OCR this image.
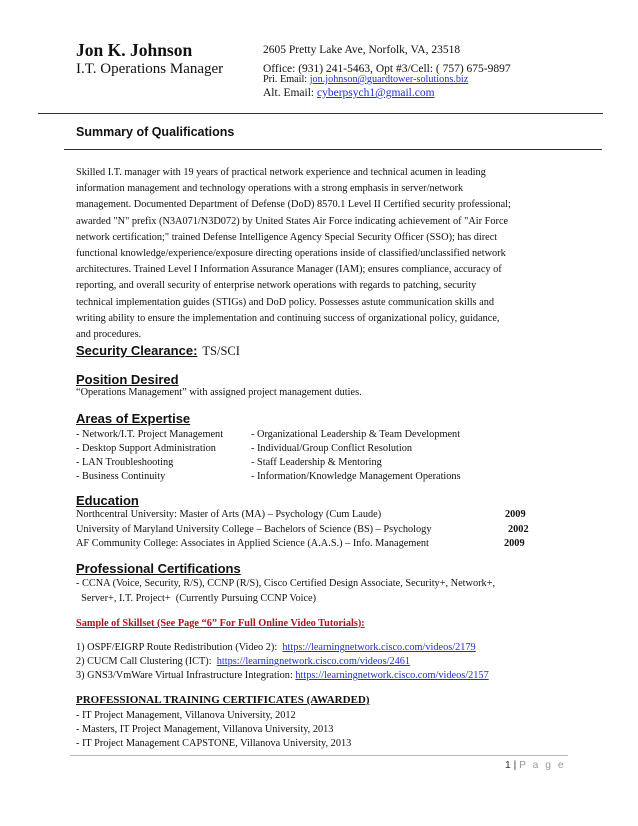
Jon K. Johnson
I.T. Operations Manager
2605 Pretty Lake Ave, Norfolk, VA, 23518
Office: (931) 241-5463, Opt #3/Cell: ( 757) 675-9897
Pri. Email: jon.johnson@guardtower-solutions.biz
Alt. Email: cyberpsych1@gmail.com
Summary of Qualifications
Skilled I.T. manager with 19 years of practical network experience and technical acumen in leading
information management and technology operations with a strong emphasis in server/network
management. Documented Department of Defense (DoD) 8570.1 Level II Certified security professional;
awarded "N" prefix (N3A071/N3D072) by United States Air Force indicating achievement of "Air Force
network certification;" trained Defense Intelligence Agency Special Security Officer (SSO); has direct
functional knowledge/experience/exposure directing operations inside of classified/unclassified network
architectures. Trained Level I Information Assurance Manager (IAM); ensures compliance, accuracy of
reporting, and overall security of enterprise network operations with regards to patching, security
technical implementation guides (STIGs) and DoD policy. Possesses astute communication skills and
writing ability to ensure the implementation and continuing success of organizational policy, guidance,
and procedures.
Security Clearance: TS/SCI
Position Desired
“Operations Management” with assigned project management duties.
Areas of Expertise
- Network/I.T. Project Management
- Desktop Support Administration
- LAN Troubleshooting
- Business Continuity
- Organizational Leadership & Team Development
- Individual/Group Conflict Resolution
- Staff Leadership & Mentoring
- Information/Knowledge Management Operations
Education
Northcentral University: Master of Arts (MA) – Psychology (Cum Laude)	2009
University of Maryland University College – Bachelors of Science (BS) – Psychology	2002
AF Community College: Associates in Applied Science (A.A.S.) – Info. Management	2009
Professional Certifications
- CCNA (Voice, Security, R/S), CCNP (R/S), Cisco Certified Design Associate, Security+, Network+,
Server+, I.T. Project+  (Currently Pursuing CCNP Voice)
Sample of Skillset (See Page “6” For Full Online Video Tutorials):
1) OSPF/EIGRP Route Redistribution (Video 2):  https://learningnetwork.cisco.com/videos/2179
2) CUCM Call Clustering (ICT):  https://learningnetwork.cisco.com/videos/2461
3) GNS3/VmWare Virtual Infrastructure Integration: https://learningnetwork.cisco.com/videos/2157
PROFESSIONAL TRAINING CERTIFICATES (AWARDED)
- IT Project Management, Villanova University, 2012
- Masters, IT Project Management, Villanova University, 2013
- IT Project Management CAPSTONE, Villanova University, 2013
1 | P a g e
